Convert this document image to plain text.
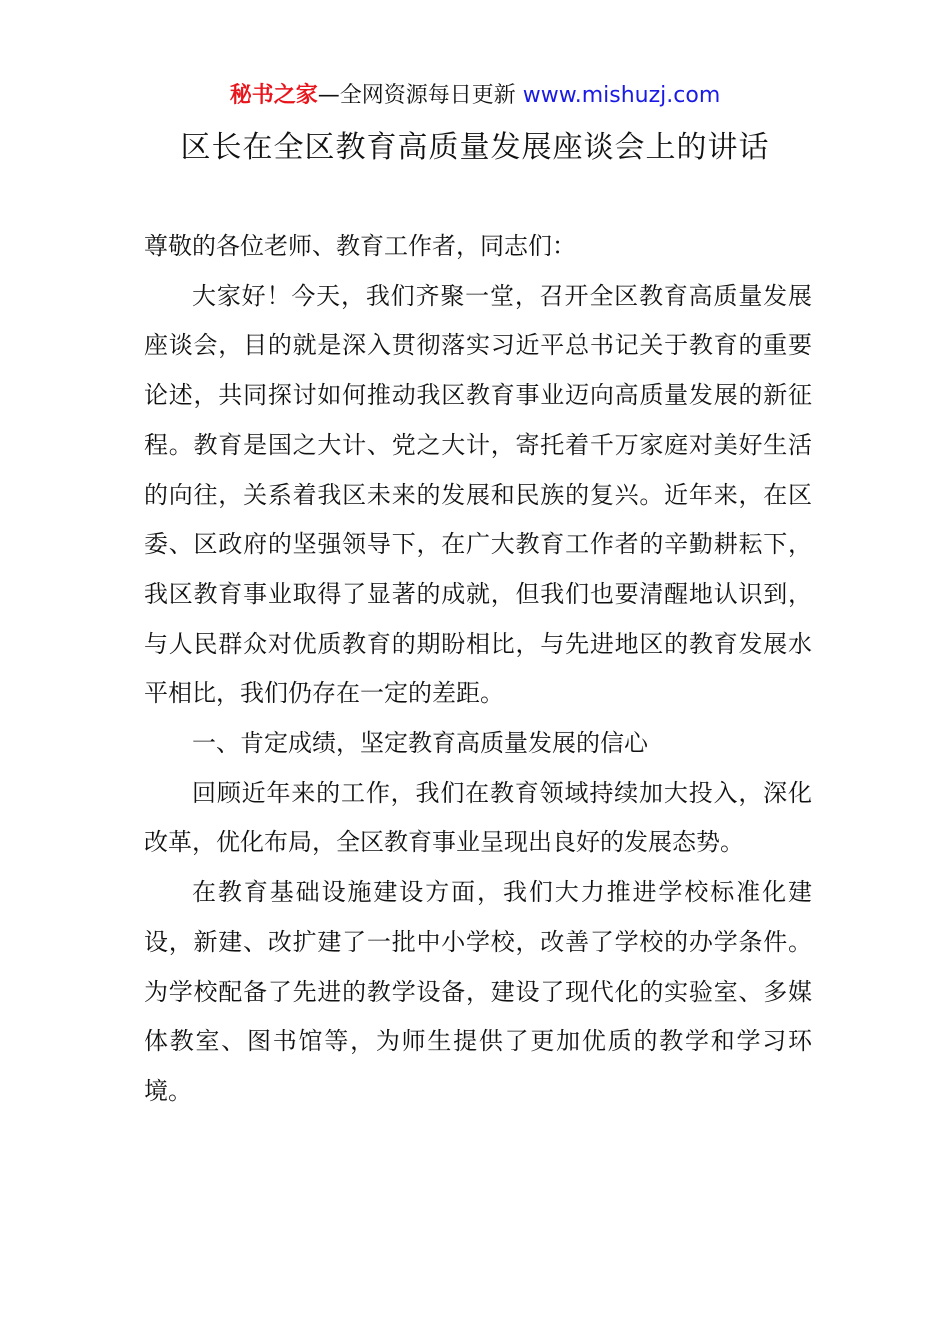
秘书之家—全网资源每日更新 www.mishuzj.com
区长在全区教育高质量发展座谈会上的讲话

尊敬的各位老师、教育工作者，同志们：

大家好！今天，我们齐聚一堂，召开全区教育高质量发展座谈会，目的就是深入贯彻落实习近平总书记关于教育的重要论述，共同探讨如何推动我区教育事业迈向高质量发展的新征程。教育是国之大计、党之大计，寄托着千万家庭对美好生活的向往，关系着我区未来的发展和民族的复兴。近年来，在区委、区政府的坚强领导下，在广大教育工作者的辛勤耕耘下，我区教育事业取得了显著的成就，但我们也要清醒地认识到，与人民群众对优质教育的期盼相比，与先进地区的教育发展水平相比，我们仍存在一定的差距。

一、肯定成绩，坚定教育高质量发展的信心

回顾近年来的工作，我们在教育领域持续加大投入，深化改革，优化布局，全区教育事业呈现出良好的发展态势。

在教育基础设施建设方面，我们大力推进学校标准化建设，新建、改扩建了一批中小学校，改善了学校的办学条件。为学校配备了先进的教学设备，建设了现代化的实验室、多媒体教室、图书馆等，为师生提供了更加优质的教学和学习环境。
